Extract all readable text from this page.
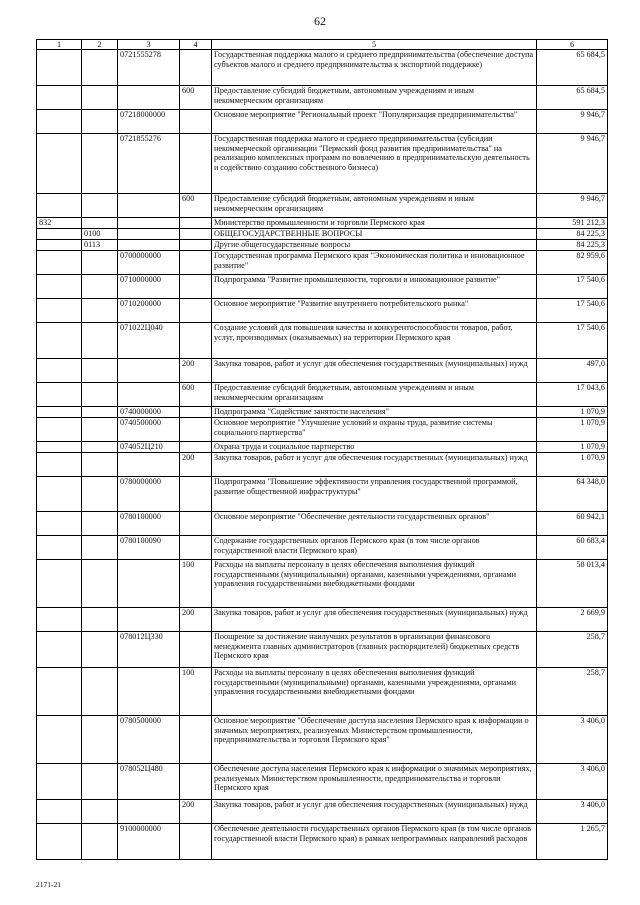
62
1	2	3	4	5	6
		0721555278		Государственная поддержка малого и среднего предпринимательства (обеспечение доступа субъектов малого и среднего предпринимательства к экспортной поддержке)	65 684,5
			600	Предоставление субсидий бюджетным, автономным учреждениям и иным некоммерческим организациям	65 684,5
		07218000000		Основное мероприятие "Региональный проект "Популяризация предпринимательства"	9 946,7
		0721855276		Государственная поддержка малого и среднего предпринимательства (субсидии некоммерческой организации "Пермский фонд развития предпринимательства" на реализацию комплексных программ по вовлечению в предпринимательскую деятельность и содействию созданию собственного бизнеса)	9 946,7
			600	Предоставление субсидий бюджетным, автономным учреждениям и иным некоммерческим организациям	9 946,7
832				Министерство промышленности и торговли Пермского края	591 212,3
	0100			ОБЩЕГОСУДАРСТВЕННЫЕ ВОПРОСЫ	84 225,3
	0113			Другие общегосударственные вопросы	84 225,3
		0700000000		Государственная программа Пермского края "Экономическая политика и инновационное развитие"	82 959,6
		0710000000		Подпрограмма "Развитие промышленности, торговли и инновационное развитие"	17 540,6
		0710200000		Основное мероприятие "Развитие внутреннего потребительского рынка"	17 540,6
		071022Ц040		Создание условий для повышения качества и конкурентоспособности товаров, работ, услуг, производимых (оказываемых) на территории Пермского края	17 540,6
			200	Закупка товаров, работ и услуг для обеспечения государственных (муниципальных) нужд	497,0
			600	Предоставление субсидий бюджетным, автономным учреждениям и иным некоммерческим организациям	17 043,6
		0740000000		Подпрограмма "Содействие занятости населения"	1 070,9
		0740500000		Основное мероприятие "Улучшение условий и охраны труда, развитие системы социального партнерства"	1 070,9
		074052Ц210		Охрана труда и социальное партнерство	1 070,9
			200	Закупка товаров, работ и услуг для обеспечения государственных (муниципальных) нужд	1 070,9
		0780000000		Подпрограмма "Повышение эффективности управления государственной программой, развитие общественной инфраструктуры"	64 348,0
		0780100000		Основное мероприятие "Обеспечение деятельности государственных органов"	60 942,1
		0780100090		Содержание государственных органов Пермского края (в том числе органов государственной власти Пермского края)	60 683,4
			100	Расходы на выплаты персоналу в целях обеспечения выполнения функций государственными (муниципальными) органами, казенными учреждениями, органами управления государственными внебюджетными фондами	58 013,4
			200	Закупка товаров, работ и услуг для обеспечения государственных (муниципальных) нужд	2 669,9
		078012Ц330		Поощрение за достижение наилучших результатов в организации финансового менеджмента главных администраторов (главных распорядителей) бюджетных средств Пермского края	258,7
			100	Расходы на выплаты персоналу в целях обеспечения выполнения функций государственными (муниципальными) органами, казенными учреждениями, органами управления государственными внебюджетными фондами	258,7
		0780500000		Основное мероприятие "Обеспечение доступа населения Пермского края к информации о значимых мероприятиях, реализуемых Министерством промышленности, предпринимательства и торговли Пермского края"	3 406,0
		078052Ц480		Обеспечение доступа населения Пермского края к информации о значимых мероприятиях, реализуемых Министерством промышленности, предпринимательства и торговли Пермского края	3 406,0
			200	Закупка товаров, работ и услуг для обеспечения государственных (муниципальных) нужд	3 406,0
		9100000000		Обеспечение деятельности государственных органов Пермского края (в том числе органов государственной власти Пермского края) в рамках непрограммных направлений расходов	1 265,7
2171-21
